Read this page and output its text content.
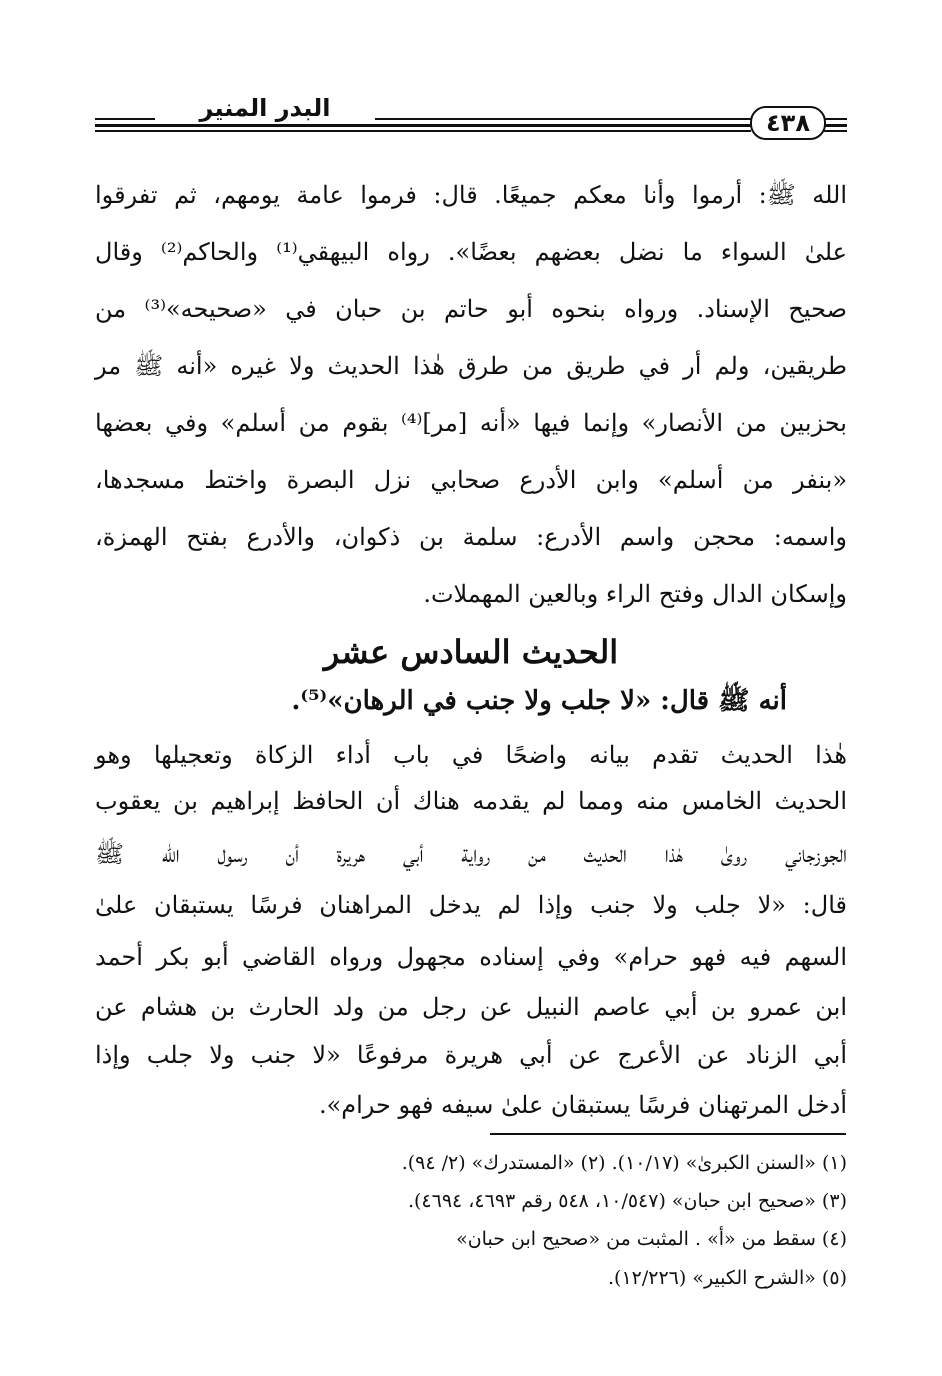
البدر المنير
٤٣٨
الله ﷺ: أرموا وأنا معكم جميعًا. قال: فرموا عامة يومهم، ثم تفرقوا
علىٰ السواء ما نضل بعضهم بعضًا». رواه البيهقي⁽¹⁾ والحاكم⁽²⁾ وقال
صحيح الإسناد. ورواه بنحوه أبو حاتم بن حبان في «صحيحه»⁽³⁾ من
طريقين، ولم أر في طريق من طرق هٰذا الحديث ولا غيره «أنه ﷺ مر
بحزبين من الأنصار» وإنما فيها «أنه [مر]⁽⁴⁾ بقوم من أسلم» وفي بعضها
«بنفر من أسلم» وابن الأدرع صحابي نزل البصرة واختط مسجدها،
واسمه: محجن واسم الأدرع: سلمة بن ذكوان، والأدرع بفتح الهمزة،
وإسكان الدال وفتح الراء وبالعين المهملات.
الحديث السادس عشر
أنه ﷺ قال: «لا جلب ولا جنب في الرهان»⁽⁵⁾.
هٰذا الحديث تقدم بيانه واضحًا في باب أداء الزكاة وتعجيلها وهو
الحديث الخامس منه ومما لم يقدمه هناك أن الحافظ إبراهيم بن يعقوب
الجوزجاني روىٰ هٰذا الحديث من رواية أبي هريرة أن رسول الله ﷺ
قال: «لا جلب ولا جنب وإذا لم يدخل المراهنان فرسًا يستبقان علىٰ
السهم فيه فهو حرام» وفي إسناده مجهول ورواه القاضي أبو بكر أحمد
ابن عمرو بن أبي عاصم النبيل عن رجل من ولد الحارث بن هشام عن
أبي الزناد عن الأعرج عن أبي هريرة مرفوعًا «لا جنب ولا جلب وإذا
أدخل المرتهنان فرسًا يستبقان علىٰ سيفه فهو حرام».
(١) «السنن الكبرىٰ» (١٠/١٧). (٢) «المستدرك» (٢/ ٩٤).
(٣) «صحيح ابن حبان» (١٠/٥٤٧، ٥٤٨ رقم ٤٦٩٣، ٤٦٩٤).
(٤) سقط من «أ» . المثبت من «صحيح ابن حبان»
(٥) «الشرح الكبير» (١٢/٢٢٦).
